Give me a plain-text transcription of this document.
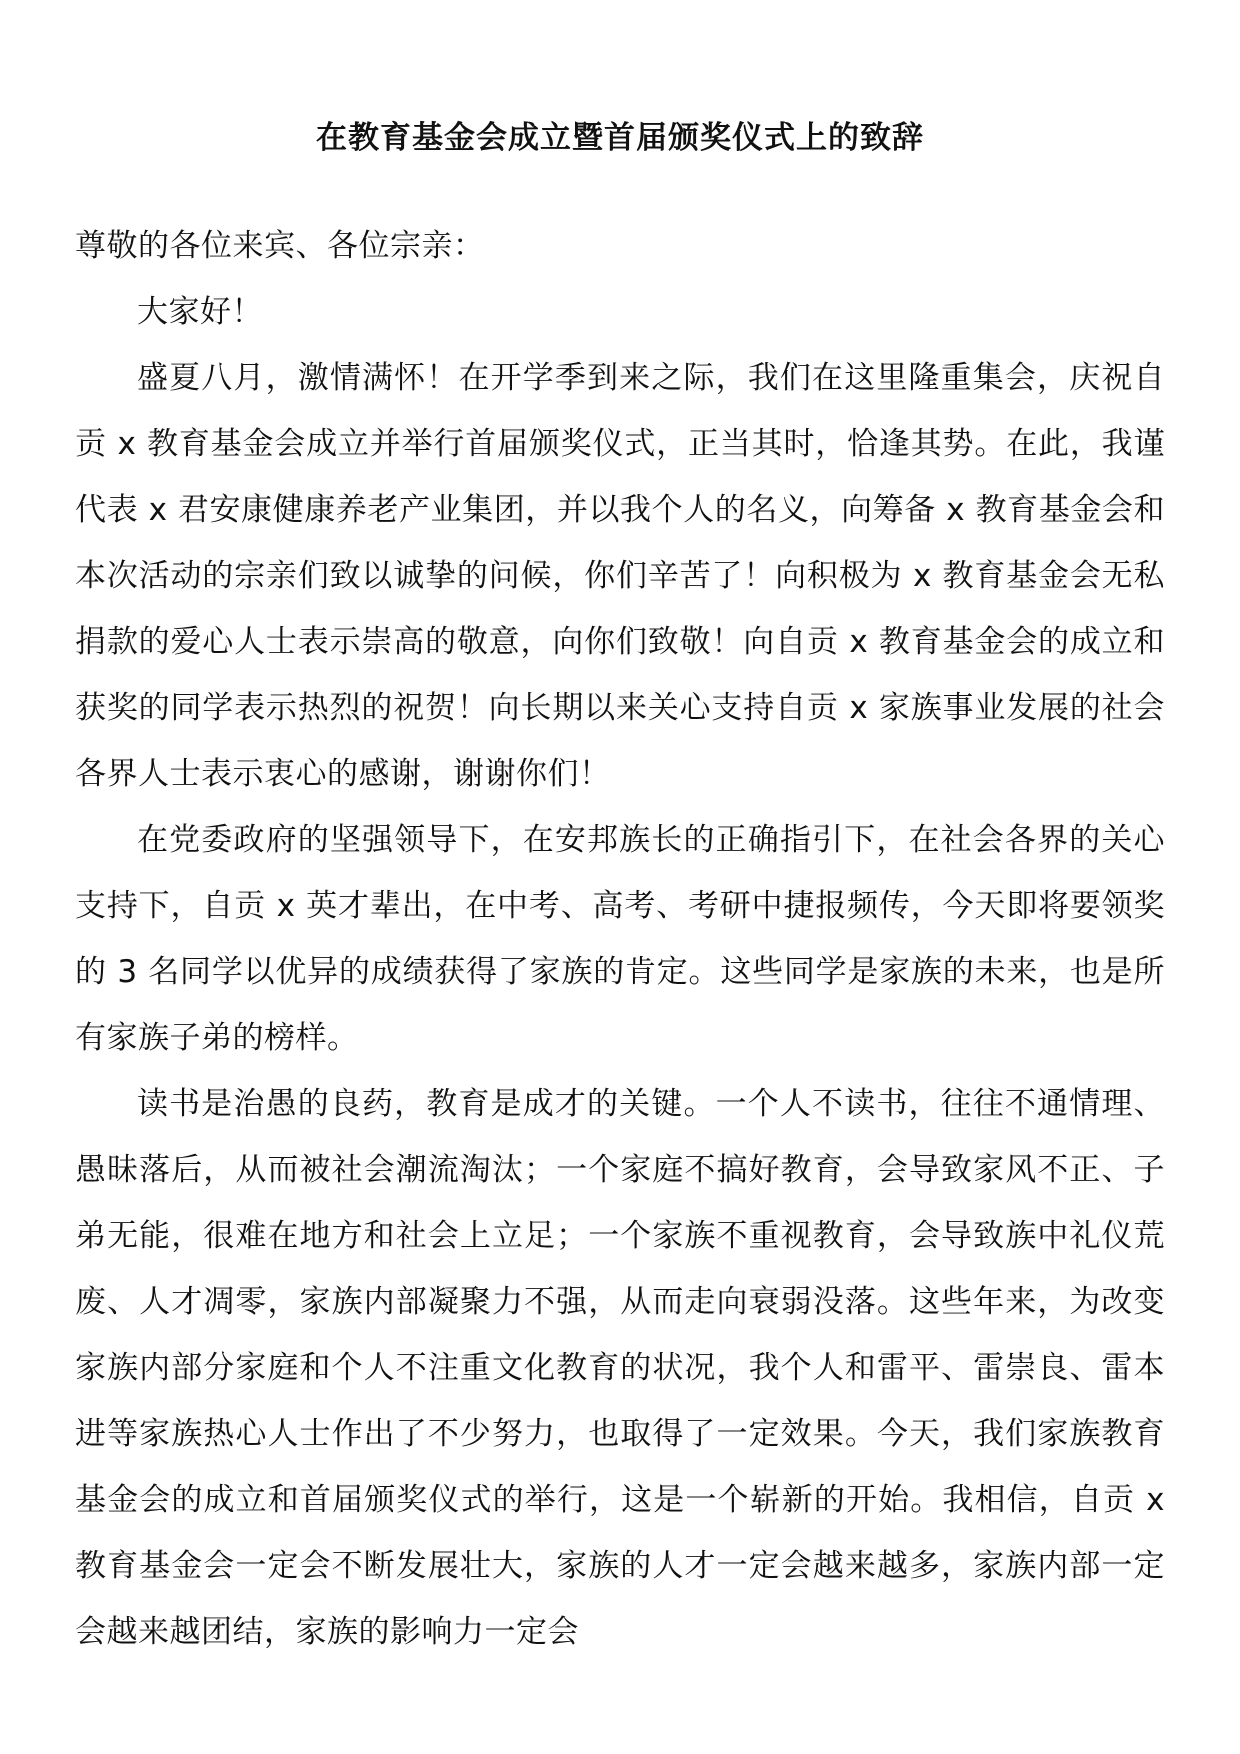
在教育基金会成立暨首届颁奖仪式上的致辞

尊敬的各位来宾、各位宗亲：

大家好！

盛夏八月，激情满怀！在开学季到来之际，我们在这里隆重集会，庆祝自贡 x 教育基金会成立并举行首届颁奖仪式，正当其时，恰逢其势。在此，我谨代表 x 君安康健康养老产业集团，并以我个人的名义，向筹备 x 教育基金会和本次活动的宗亲们致以诚挚的问候，你们辛苦了！向积极为 x 教育基金会无私捐款的爱心人士表示崇高的敬意，向你们致敬！向自贡 x 教育基金会的成立和获奖的同学表示热烈的祝贺！向长期以来关心支持自贡 x 家族事业发展的社会各界人士表示衷心的感谢，谢谢你们！

在党委政府的坚强领导下，在安邦族长的正确指引下，在社会各界的关心支持下，自贡 x 英才辈出，在中考、高考、考研中捷报频传，今天即将要领奖的 3 名同学以优异的成绩获得了家族的肯定。这些同学是家族的未来，也是所有家族子弟的榜样。

读书是治愚的良药，教育是成才的关键。一个人不读书，往往不通情理、愚昧落后，从而被社会潮流淘汰；一个家庭不搞好教育，会导致家风不正、子弟无能，很难在地方和社会上立足；一个家族不重视教育，会导致族中礼仪荒废、人才凋零，家族内部凝聚力不强，从而走向衰弱没落。这些年来，为改变家族内部分家庭和个人不注重文化教育的状况，我个人和雷平、雷崇良、雷本进等家族热心人士作出了不少努力，也取得了一定效果。今天，我们家族教育基金会的成立和首届颁奖仪式的举行，这是一个崭新的开始。我相信，自贡 x 教育基金会一定会不断发展壮大，家族的人才一定会越来越多，家族内部一定会越来越团结，家族的影响力一定会
